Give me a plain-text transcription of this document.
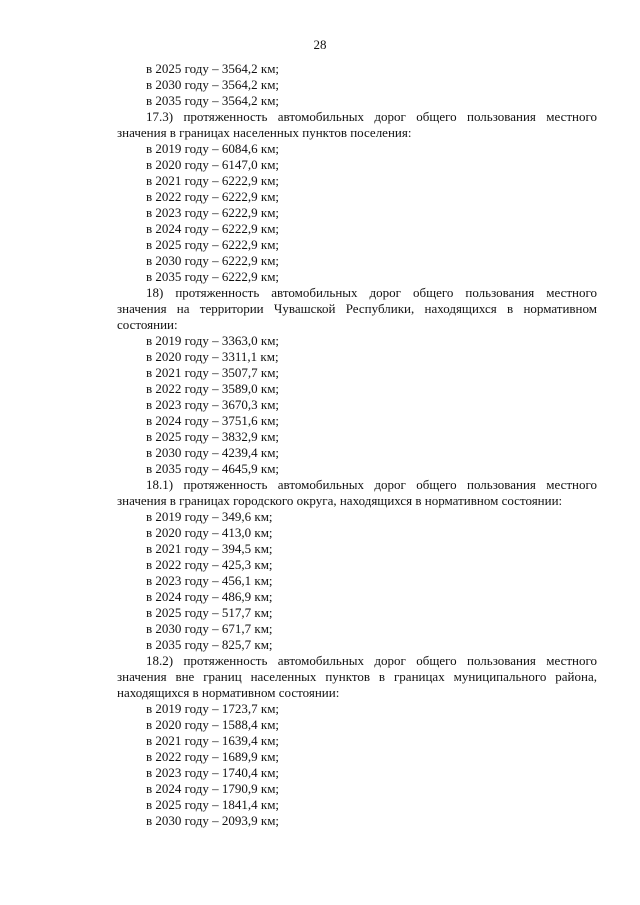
28
в 2025 году – 3564,2 км;
в 2030 году – 3564,2 км;
в 2035 году – 3564,2 км;
17.3) протяженность автомобильных дорог общего пользования местного значения в границах населенных пунктов поселения:
в 2019 году – 6084,6 км;
в 2020 году – 6147,0 км;
в 2021 году – 6222,9 км;
в 2022 году – 6222,9 км;
в 2023 году – 6222,9 км;
в 2024 году – 6222,9 км;
в 2025 году – 6222,9 км;
в 2030 году – 6222,9 км;
в 2035 году – 6222,9 км;
18) протяженность автомобильных дорог общего пользования местного значения на территории Чувашской Республики, находящихся в нормативном состоянии:
в 2019 году – 3363,0 км;
в 2020 году – 3311,1 км;
в 2021 году – 3507,7 км;
в 2022 году – 3589,0 км;
в 2023 году – 3670,3 км;
в 2024 году – 3751,6 км;
в 2025 году – 3832,9 км;
в 2030 году – 4239,4 км;
в 2035 году – 4645,9 км;
18.1) протяженность автомобильных дорог общего пользования местного значения в границах городского округа, находящихся в нормативном состоянии:
в 2019 году – 349,6 км;
в 2020 году – 413,0 км;
в 2021 году – 394,5 км;
в 2022 году – 425,3 км;
в 2023 году – 456,1 км;
в 2024 году – 486,9 км;
в 2025 году – 517,7 км;
в 2030 году – 671,7 км;
в 2035 году – 825,7 км;
18.2) протяженность автомобильных дорог общего пользования местного значения вне границ населенных пунктов в границах муниципального района, находящихся в нормативном состоянии:
в 2019 году – 1723,7 км;
в 2020 году – 1588,4 км;
в 2021 году – 1639,4 км;
в 2022 году – 1689,9 км;
в 2023 году – 1740,4 км;
в 2024 году – 1790,9 км;
в 2025 году – 1841,4 км;
в 2030 году – 2093,9 км;
